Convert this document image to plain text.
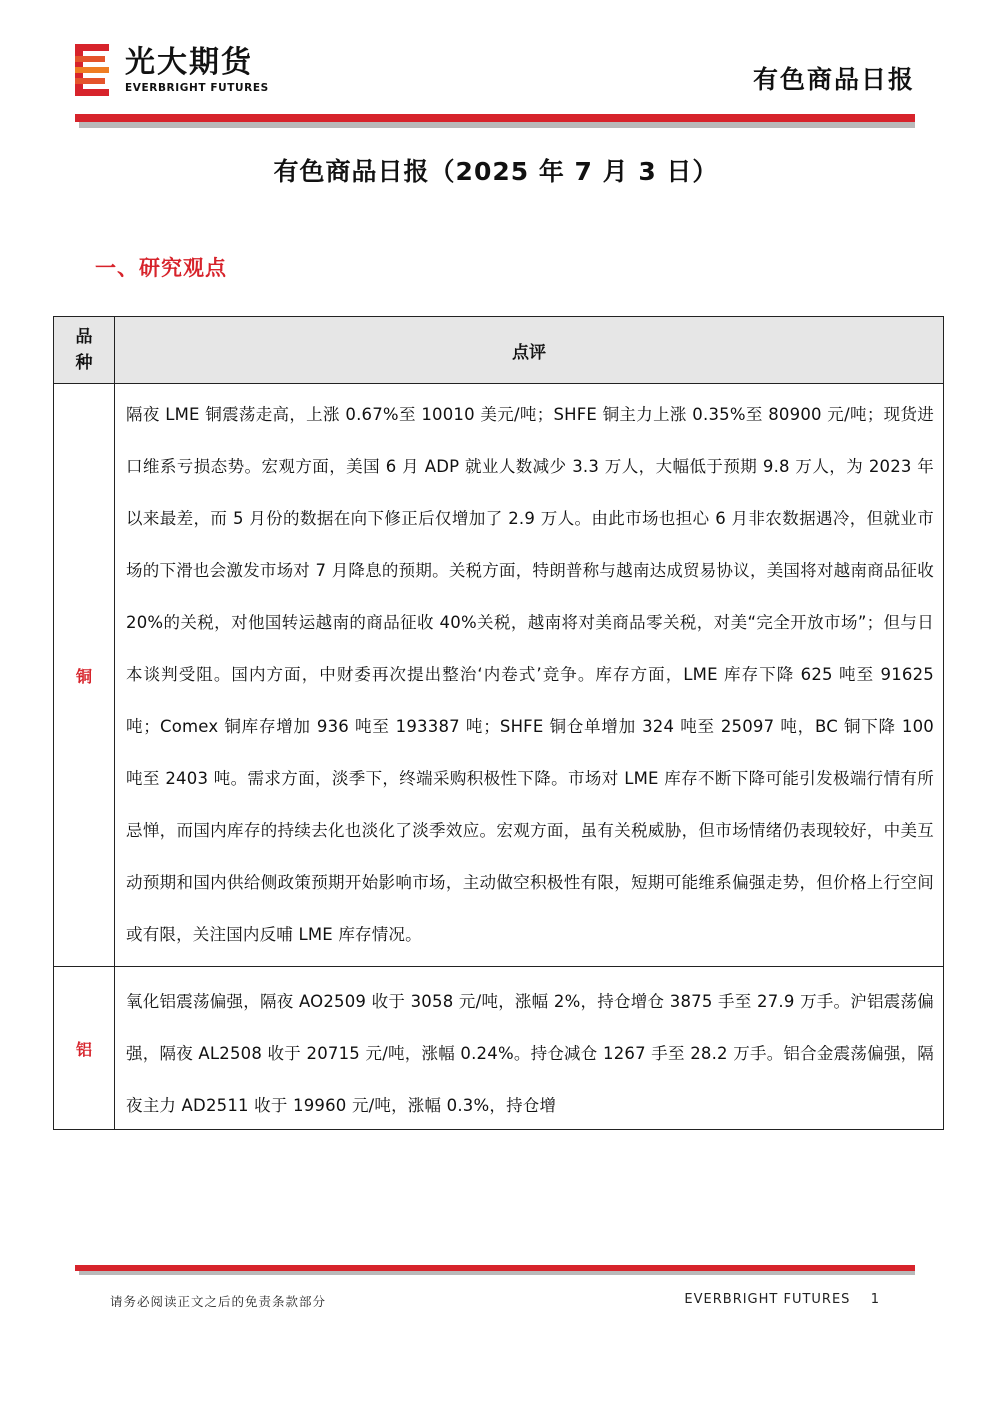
光大期货
EVERBRIGHT FUTURES	有色商品日报
有色商品日报（2025 年 7 月 3 日）
一、研究观点
品种	点评

铜	隔夜 LME 铜震荡走高，上涨 0.67%至 10010 美元/吨；SHFE 铜主力上涨 0.35%至 80900 元/吨；现货进口维系亏损态势。宏观方面，美国 6 月 ADP 就业人数减少 3.3 万人，大幅低于预期 9.8 万人，为 2023 年以来最差，而 5 月份的数据在向下修正后仅增加了 2.9 万人。由此市场也担心 6 月非农数据遇冷，但就业市场的下滑也会激发市场对 7 月降息的预期。关税方面，特朗普称与越南达成贸易协议，美国将对越南商品征收 20%的关税，对他国转运越南的商品征收 40%关税，越南将对美商品零关税，对美“完全开放市场”；但与日本谈判受阻。国内方面，中财委再次提出整治‘内卷式’竞争。库存方面，LME 库存下降 625 吨至 91625 吨；Comex 铜库存增加 936 吨至 193387 吨；SHFE 铜仓单增加 324 吨至 25097 吨，BC 铜下降 100 吨至 2403 吨。需求方面，淡季下，终端采购积极性下降。市场对 LME 库存不断下降可能引发极端行情有所忌惮，而国内库存的持续去化也淡化了淡季效应。宏观方面，虽有关税威胁，但市场情绪仍表现较好，中美互动预期和国内供给侧政策预期开始影响市场，主动做空积极性有限，短期可能维系偏强走势，但价格上行空间或有限，关注国内反哺 LME 库存情况。

铝	氧化铝震荡偏强，隔夜 AO2509 收于 3058 元/吨，涨幅 2%，持仓增仓 3875 手至 27.9 万手。沪铝震荡偏强，隔夜 AL2508 收于 20715 元/吨，涨幅 0.24%。持仓减仓 1267 手至 28.2 万手。铝合金震荡偏强，隔夜主力 AD2511 收于 19960 元/吨，涨幅 0.3%，持仓增
请务必阅读正文之后的免责条款部分	EVERBRIGHT FUTURES 1
